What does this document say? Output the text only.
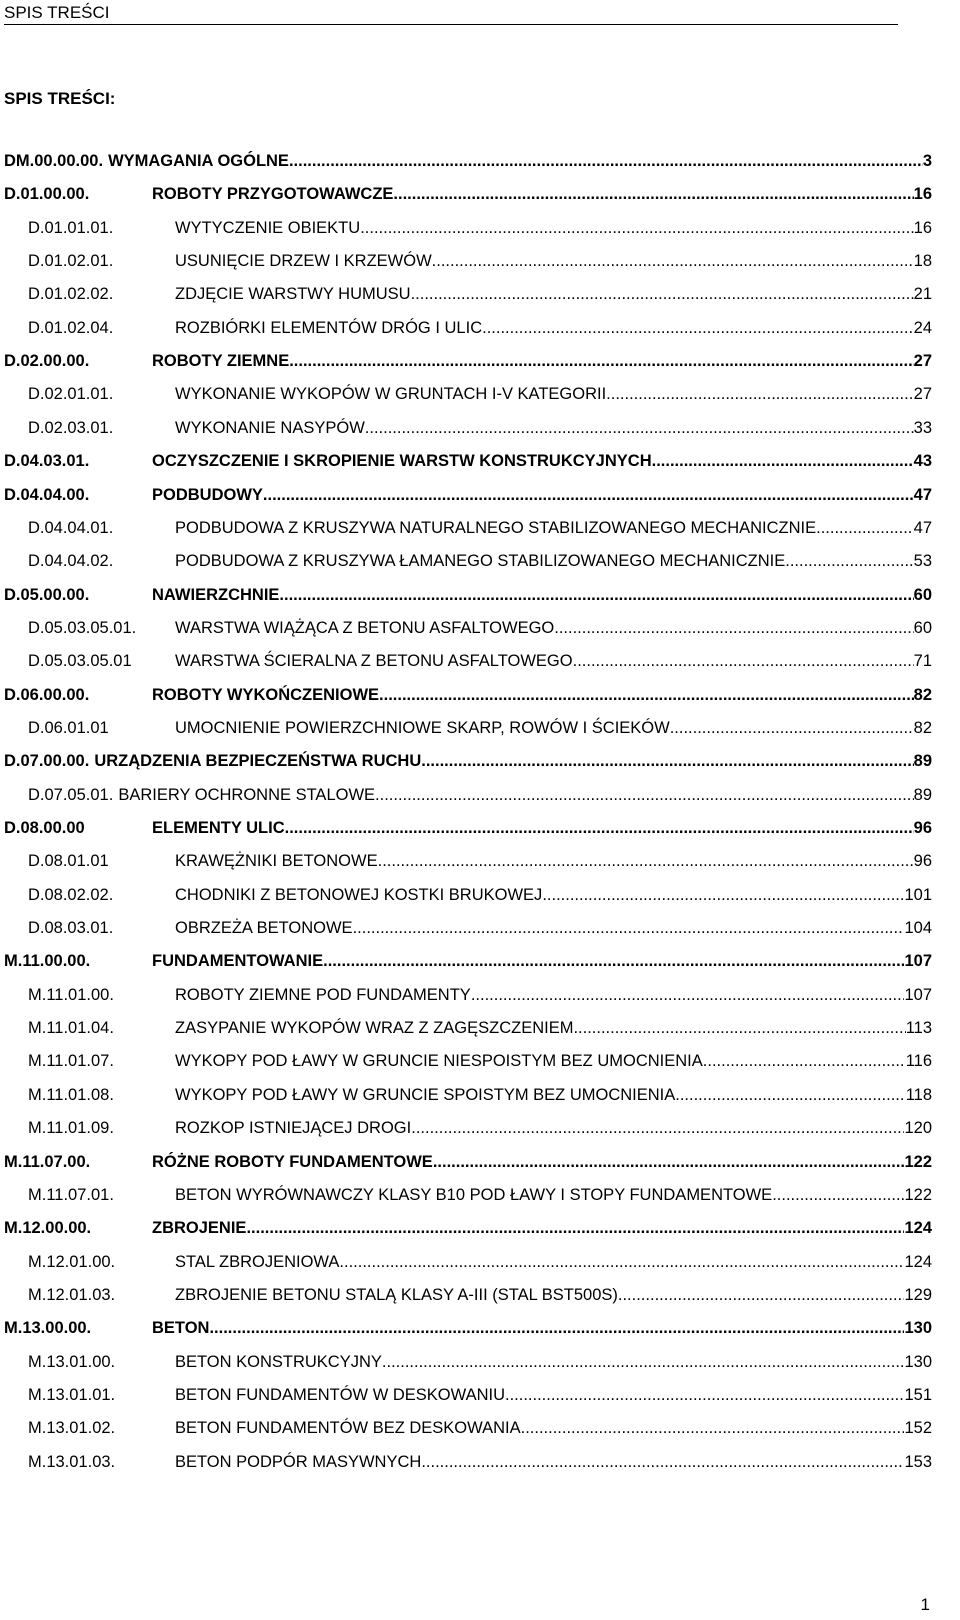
SPIS TREŚCI
SPIS TREŚCI:
DM.00.00.00. WYMAGANIA OGÓLNE .....	3
D.01.00.00.	ROBOTY PRZYGOTOWAWCZE .....	16
D.01.01.01.	WYTYCZENIE OBIEKTU .....	16
D.01.02.01.	USUNIĘCIE DRZEW I KRZEWÓW .....	18
D.01.02.02.	ZDJĘCIE WARSTWY HUMUSU .....	21
D.01.02.04.	ROZBIÓRKI ELEMENTÓW DRÓG I ULIC .....	24
D.02.00.00.	ROBOTY ZIEMNE .....	27
D.02.01.01.	WYKONANIE WYKOPÓW W GRUNTACH I-V KATEGORII .....	27
D.02.03.01.	WYKONANIE NASYPÓW .....	33
D.04.03.01.	OCZYSZCZENIE I SKROPIENIE WARSTW KONSTRUKCYJNYCH .....	43
D.04.04.00.	PODBUDOWY .....	47
D.04.04.01.	PODBUDOWA Z KRUSZYWA NATURALNEGO STABILIZOWANEGO MECHANICZNIE .....	47
D.04.04.02.	PODBUDOWA Z KRUSZYWA ŁAMANEGO STABILIZOWANEGO MECHANICZNIE .....	53
D.05.00.00.	NAWIERZCHNIE .....	60
D.05.03.05.01. WARSTWA WIĄŻĄCA Z BETONU ASFALTOWEGO .....	60
D.05.03.05.01	WARSTWA ŚCIERALNA Z BETONU ASFALTOWEGO .....	71
D.06.00.00.	ROBOTY WYKOŃCZENIOWE .....	82
D.06.01.01	UMOCNIENIE POWIERZCHNIOWE SKARP, ROWÓW I ŚCIEKÓW .....	82
D.07.00.00. URZĄDZENIA BEZPIECZEŃSTWA RUCHU .....	89
D.07.05.01. BARIERY OCHRONNE STALOWE .....	89
D.08.00.00	ELEMENTY ULIC .....	96
D.08.01.01	KRAWĘŻNIKI BETONOWE .....	96
D.08.02.02.	CHODNIKI Z BETONOWEJ KOSTKI BRUKOWEJ .....	101
D.08.03.01.	OBRZEŻA BETONOWE .....	104
M.11.00.00.	FUNDAMENTOWANIE .....	107
M.11.01.00.	ROBOTY ZIEMNE POD FUNDAMENTY .....	107
M.11.01.04.	ZASYPANIE WYKOPÓW WRAZ Z ZAGĘSZCZENIEM .....	113
M.11.01.07.	WYKOPY POD ŁAWY W GRUNCIE NIESPOISTYM BEZ UMOCNIENIA .....	116
M.11.01.08.	WYKOPY POD ŁAWY W GRUNCIE SPOISTYM BEZ UMOCNIENIA .....	118
M.11.01.09.	ROZKOP ISTNIEJĄCEJ DROGI .....	120
M.11.07.00.	RÓŻNE ROBOTY FUNDAMENTOWE .....	122
M.11.07.01.	BETON WYRÓWNAWCZY KLASY B10 POD ŁAWY I STOPY FUNDAMENTOWE .....	122
M.12.00.00.	ZBROJENIE .....	124
M.12.01.00.	STAL ZBROJENIOWA .....	124
M.12.01.03.	ZBROJENIE BETONU STALĄ KLASY A-III (STAL BST500S) .....	129
M.13.00.00.	BETON .....	130
M.13.01.00.	BETON KONSTRUKCYJNY .....	130
M.13.01.01.	BETON FUNDAMENTÓW W DESKOWANIU .....	151
M.13.01.02.	BETON FUNDAMENTÓW BEZ DESKOWANIA .....	152
M.13.01.03.	BETON PODPÓR MASYWNYCH .....	153
1
